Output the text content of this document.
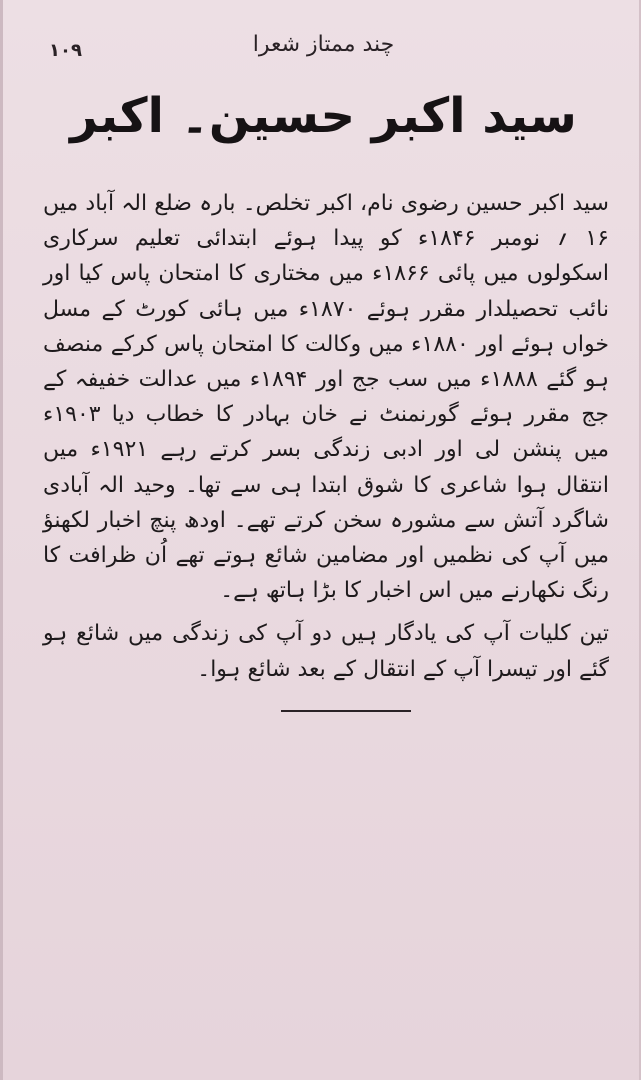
۱۰۹	چند ممتاز شعرا
سید اکبر حسین۔ اکبر

سید اکبر حسین رضوی نام، اکبر تخلص۔ بارہ ضلع الہ آباد میں ۱۶ ؍ نومبر ۱۸۴۶ء کو پیدا ہوئے ابتدائی تعلیم سرکاری اسکولوں میں پائی ۱۸۶۶ء میں مختاری کا امتحان پاس کیا اور نائب تحصیلدار مقرر ہوئے ۱۸۷۰ء میں ہائی کورٹ کے مسل خواں ہوئے اور ۱۸۸۰ء میں وکالت کا امتحان پاس کرکے منصف ہو گئے ۱۸۸۸ء میں سب جج اور ۱۸۹۴ء میں عدالت خفیفہ کے جج مقرر ہوئے گورنمنٹ نے خان بہادر کا خطاب دیا ۱۹۰۳ء میں پنشن لی اور ادبی زندگی بسر کرتے رہے ۱۹۲۱ء میں انتقال ہوا شاعری کا شوق ابتدا ہی سے تھا۔ وحید الہ آبادی شاگرد آتش سے مشورہ سخن کرتے تھے۔ اودھ پنچ اخبار لکھنؤ میں آپ کی نظمیں اور مضامین شائع ہوتے تھے اُن ظرافت کا رنگ نکھارنے میں اس اخبار کا بڑا ہاتھ ہے۔

تین کلیات آپ کی یادگار ہیں دو آپ کی زندگی میں شائع ہو گئے اور تیسرا آپ کے انتقال کے بعد شائع ہوا۔
